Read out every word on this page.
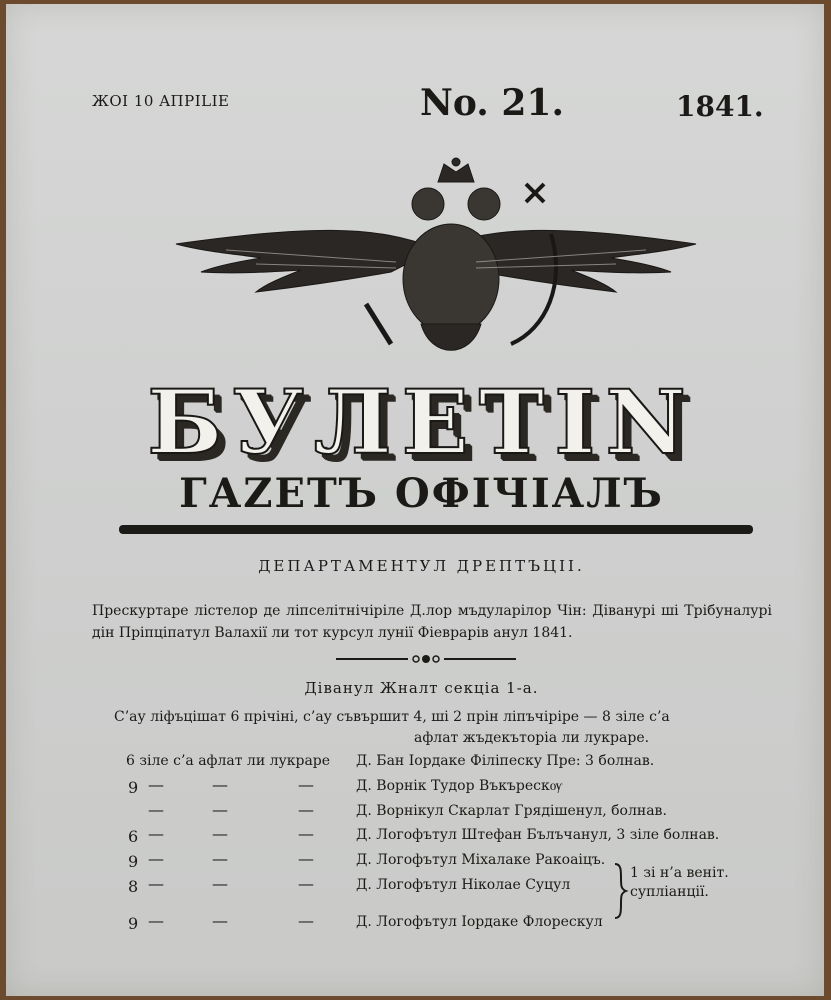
ЖОІ 10 AПРІLІЕ	No. 21.	1841.
БУЛЕТIN
ГАZЕТЪ ОФIЧIАЛЪ
ДЕПАРТАМЕНТУЛ ДРЕПТЪЦІІ.
Прескуртаре лістелор де ліпселітнічіріле Д.лор мъдуларілор Чін: Діванурі ші Трібуналурі дін Пріпціпатул Валахії ли тот курсул лунії Фіеврарів анул 1841.
Діванул Жналт секціа 1-а.
С’ау ліфъцішат 6 прічіні, с’ау съвършит 4, ші 2 прін ліпъчіріре — 8 зіле с’а
афлат жъдекъторіа ли лукраре.
6 зіле с’а афлат ли лукраре Д. Бан Іордаке Філіпеску Пре: 3 болнав.
9 —	—	—	Д. Ворнік Тудор Въкърескѹ
—	—	—	Д. Ворнікул Скарлат Грядішенул, болнав.
6 —	—	—	Д. Логофътул Штефан Бълъчанул, 3 зіле болнав.
9 —	—	—	Д. Логофътул Міхалаке Ракоаіцъ.
8 —	—	—	Д. Логофътул Ніколае Суцул
9 —	—	—	Д. Логофътул Іордаке Флорескул
1 зі н’а веніт.
супліанції.
